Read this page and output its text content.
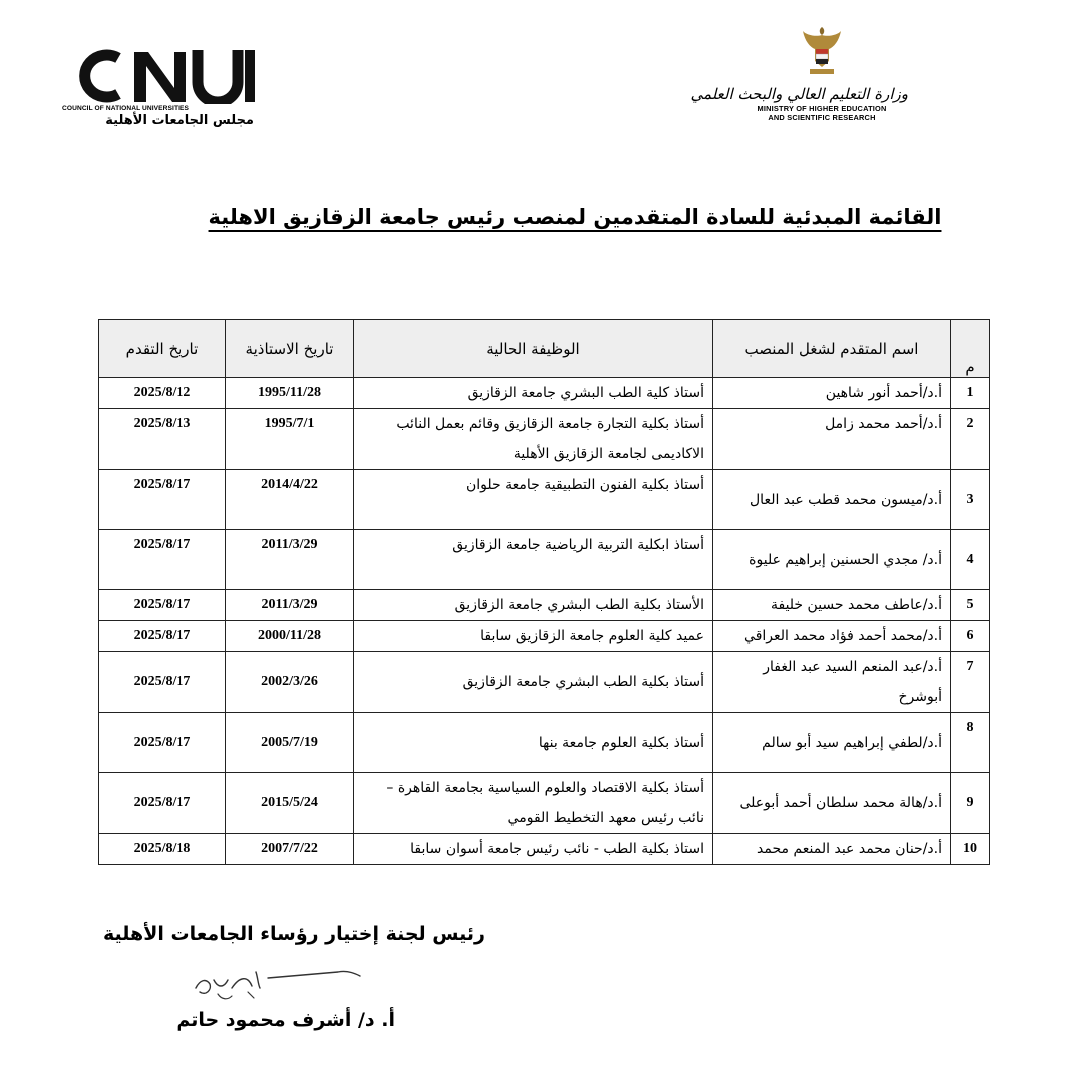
COUNCIL OF NATIONAL UNIVERSITIES
مجلس الجامعات الأهلية
وزارة التعليم العالي والبحث العلمي
MINISTRY OF HIGHER EDUCATION
AND SCIENTIFIC RESEARCH
القائمة المبدئية للسادة المتقدمين لمنصب رئيس جامعة الزقازيق الاهلية
م	اسم المتقدم لشغل المنصب	الوظيفة الحالية	تاريخ الاستاذية	تاريخ التقدم
1	أ.د/أحمد أنور شاهين	أستاذ كلية الطب البشري جامعة الزقازيق	1995/11/28	2025/8/12
2	أ.د/أحمد محمد زامل	أستاذ بكلية التجارة جامعة الزقازيق وقائم بعمل النائب الاكاديمى لجامعة الزقازيق الأهلية	1995/7/1	2025/8/13
3	أ.د/ميسون محمد قطب عبد العال	أستاذ بكلية الفنون التطبيقية جامعة حلوان	2014/4/22	2025/8/17
4	أ.د/ مجدي الحسنين إبراهيم عليوة	أستاذ ابكلية التربية الرياضية جامعة الزقازيق	2011/3/29	2025/8/17
5	أ.د/عاطف محمد حسين خليفة	الأستاذ بكلية الطب البشري جامعة الزقازيق	2011/3/29	2025/8/17
6	أ.د/محمد أحمد فؤاد محمد العراقي	عميد كلية العلوم جامعة الزقازيق سابقا	2000/11/28	2025/8/17
7	أ.د/عبد المنعم السيد عبد الغفار أبوشرخ	أستاذ بكلية الطب البشري جامعة الزقازيق	2002/3/26	2025/8/17
8	أ.د/لطفي إبراهيم سيد أبو سالم	أستاذ بكلية العلوم جامعة بنها	2005/7/19	2025/8/17
9	أ.د/هالة محمد سلطان أحمد أبوعلى	أستاذ بكلية الاقتصاد والعلوم السياسية بجامعة القاهرة – نائب رئيس معهد التخطيط القومي	2015/5/24	2025/8/17
10	أ.د/حنان محمد عبد المنعم محمد	استاذ بكلية الطب - نائب رئيس جامعة أسوان سابقا	2007/7/22	2025/8/18
رئيس لجنة إختيار رؤساء الجامعات الأهلية
أ. د/ أشرف محمود حاتم
